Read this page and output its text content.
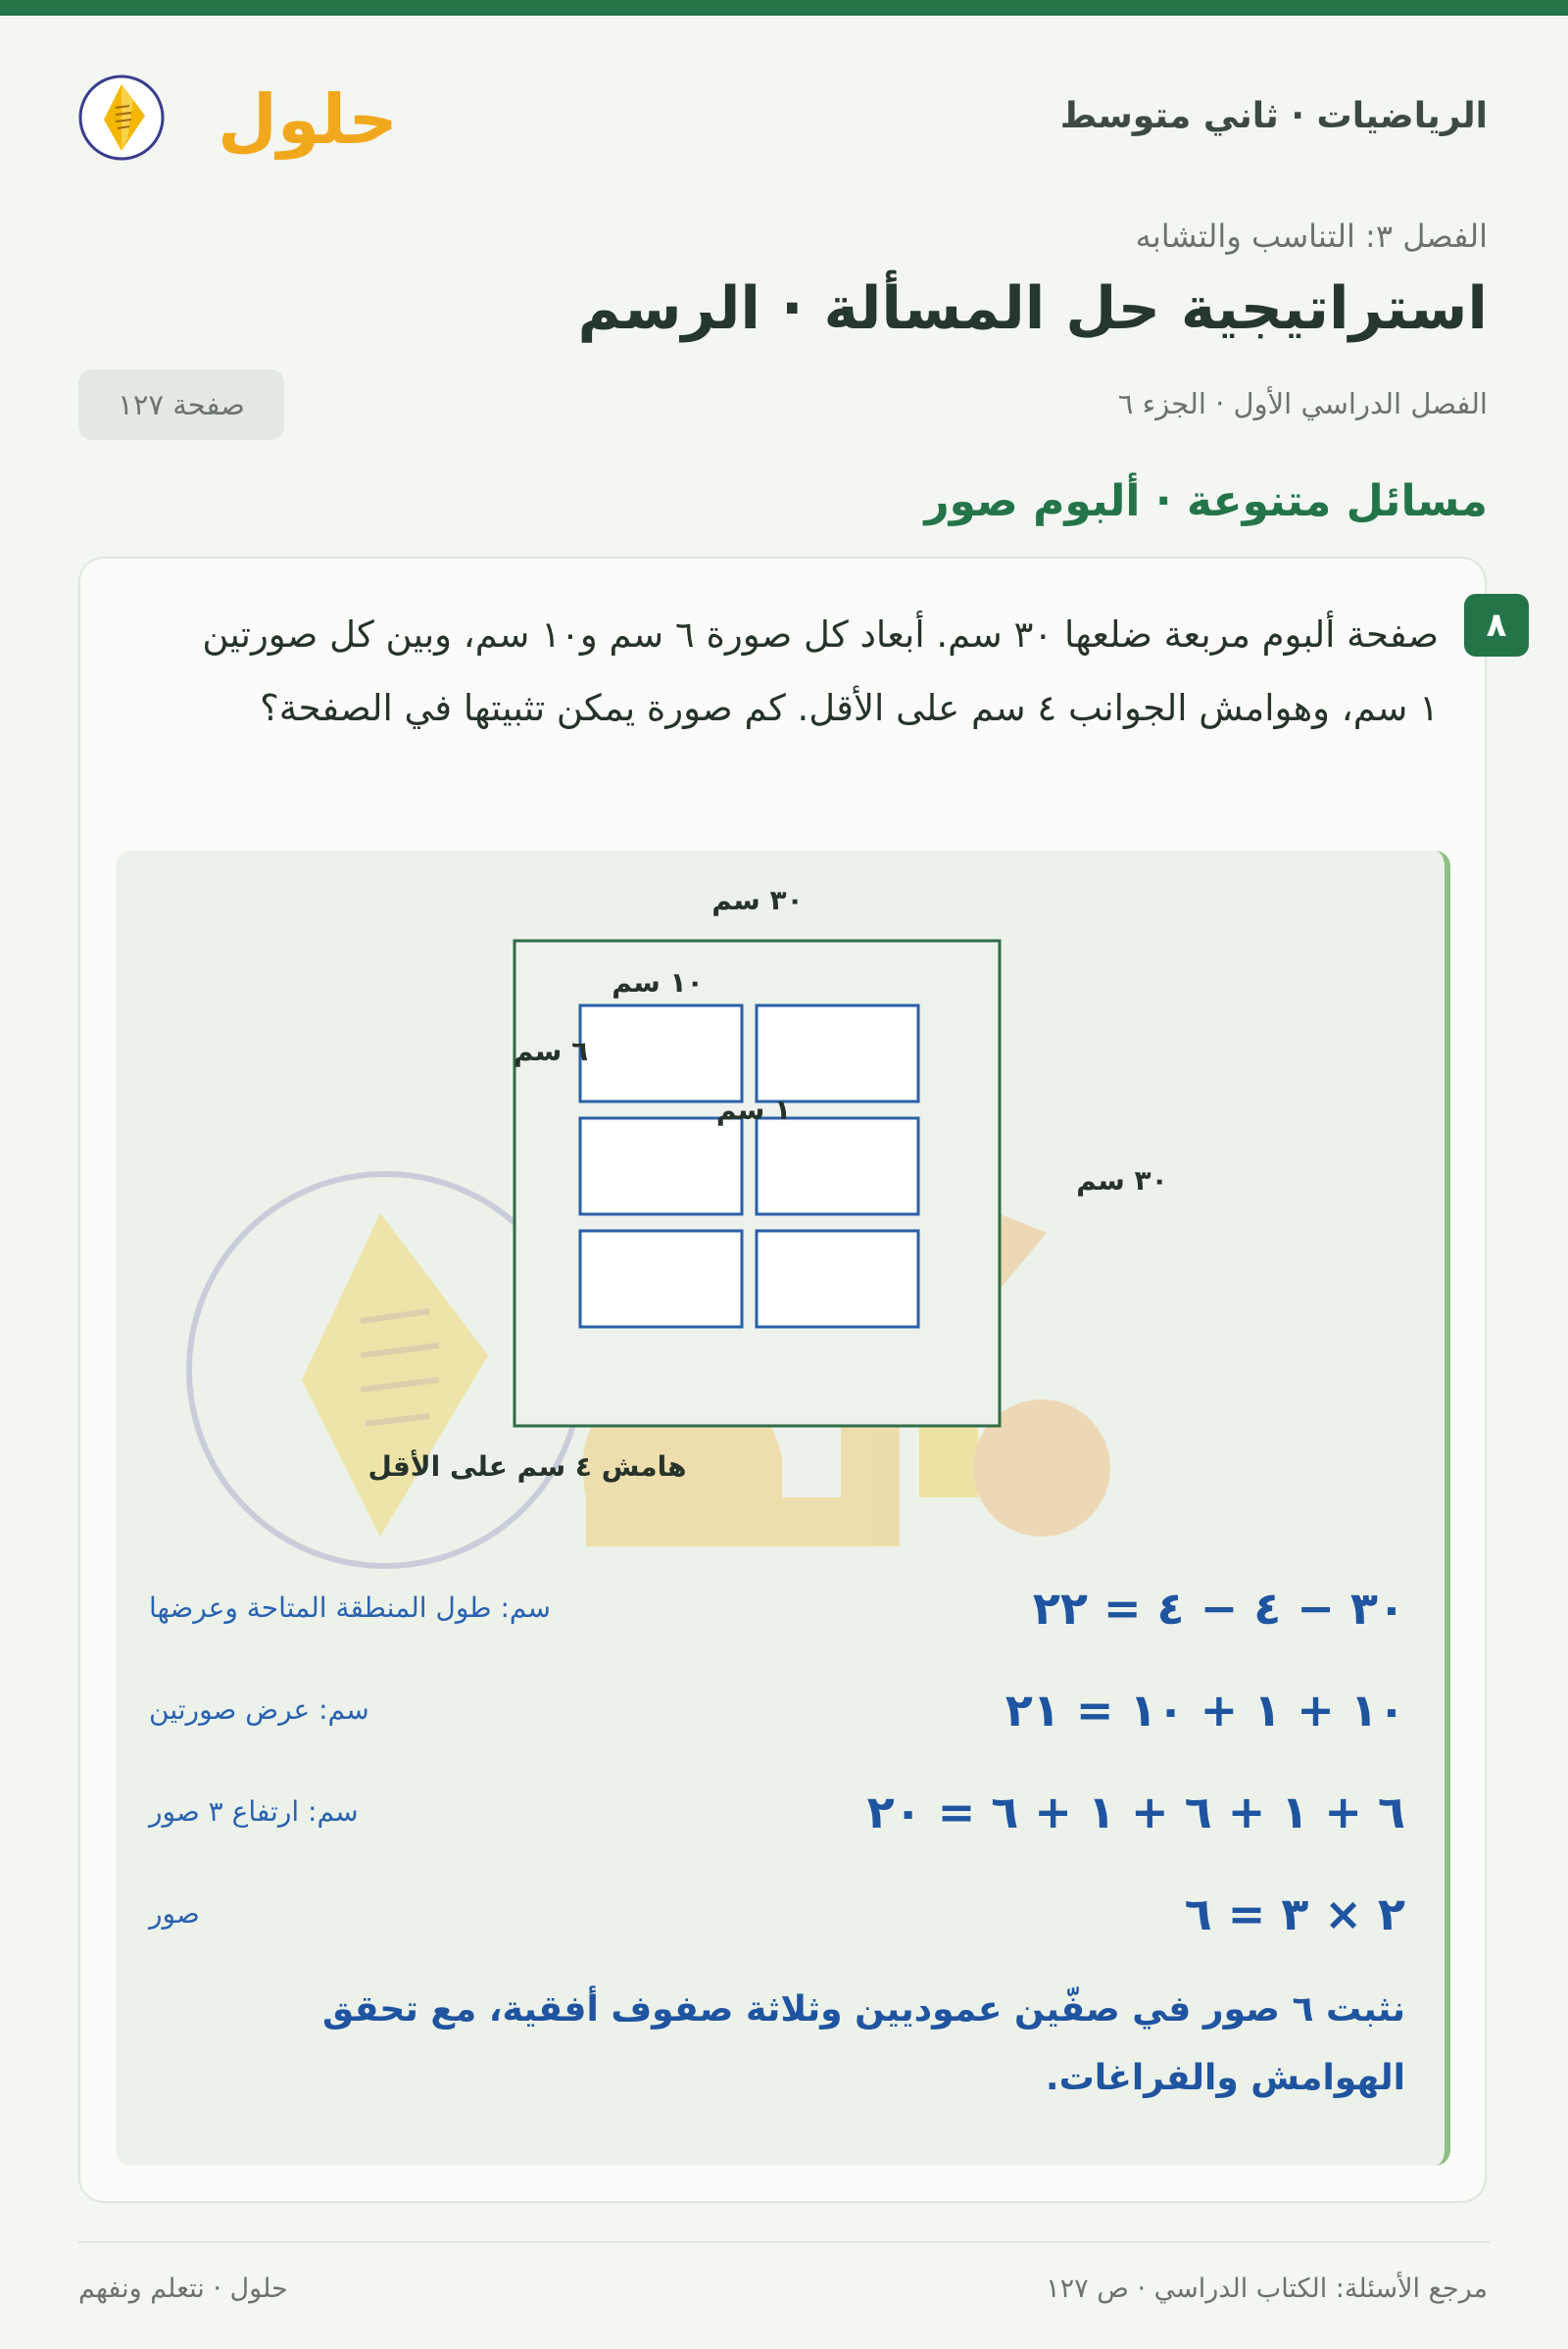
الرياضيات · ثاني متوسط
حلول
الفصل ٣: التناسب والتشابه
استراتيجية حل المسألة · الرسم
الفصل الدراسي الأول · الجزء ٦
صفحة ١٢٧
مسائل متنوعة · ألبوم صور
٨
صفحة ألبوم مربعة ضلعها ٣٠ سم. أبعاد كل صورة ٦ سم و١٠ سم، وبين كل صورتين ١ سم، وهوامش الجوانب ٤ سم على الأقل. كم صورة يمكن تثبيتها في الصفحة؟
٣٠ سم
٣٠ سم
١٠ سم
٦ سم
١ سم
هامش ٤ سم على الأقل
٣٠ − ٤ − ٤ = ٢٢
سم: طول المنطقة المتاحة وعرضها
١٠ + ١ + ١٠ = ٢١
سم: عرض صورتين
٦ + ١ + ٦ + ١ + ٦ = ٢٠
سم: ارتفاع ٣ صور
٢ × ٣ = ٦
صور
نثبت ٦ صور في صفّين عموديين وثلاثة صفوف أفقية، مع تحقق الهوامش والفراغات.
مرجع الأسئلة: الكتاب الدراسي · ص ١٢٧
حلول · نتعلم ونفهم
